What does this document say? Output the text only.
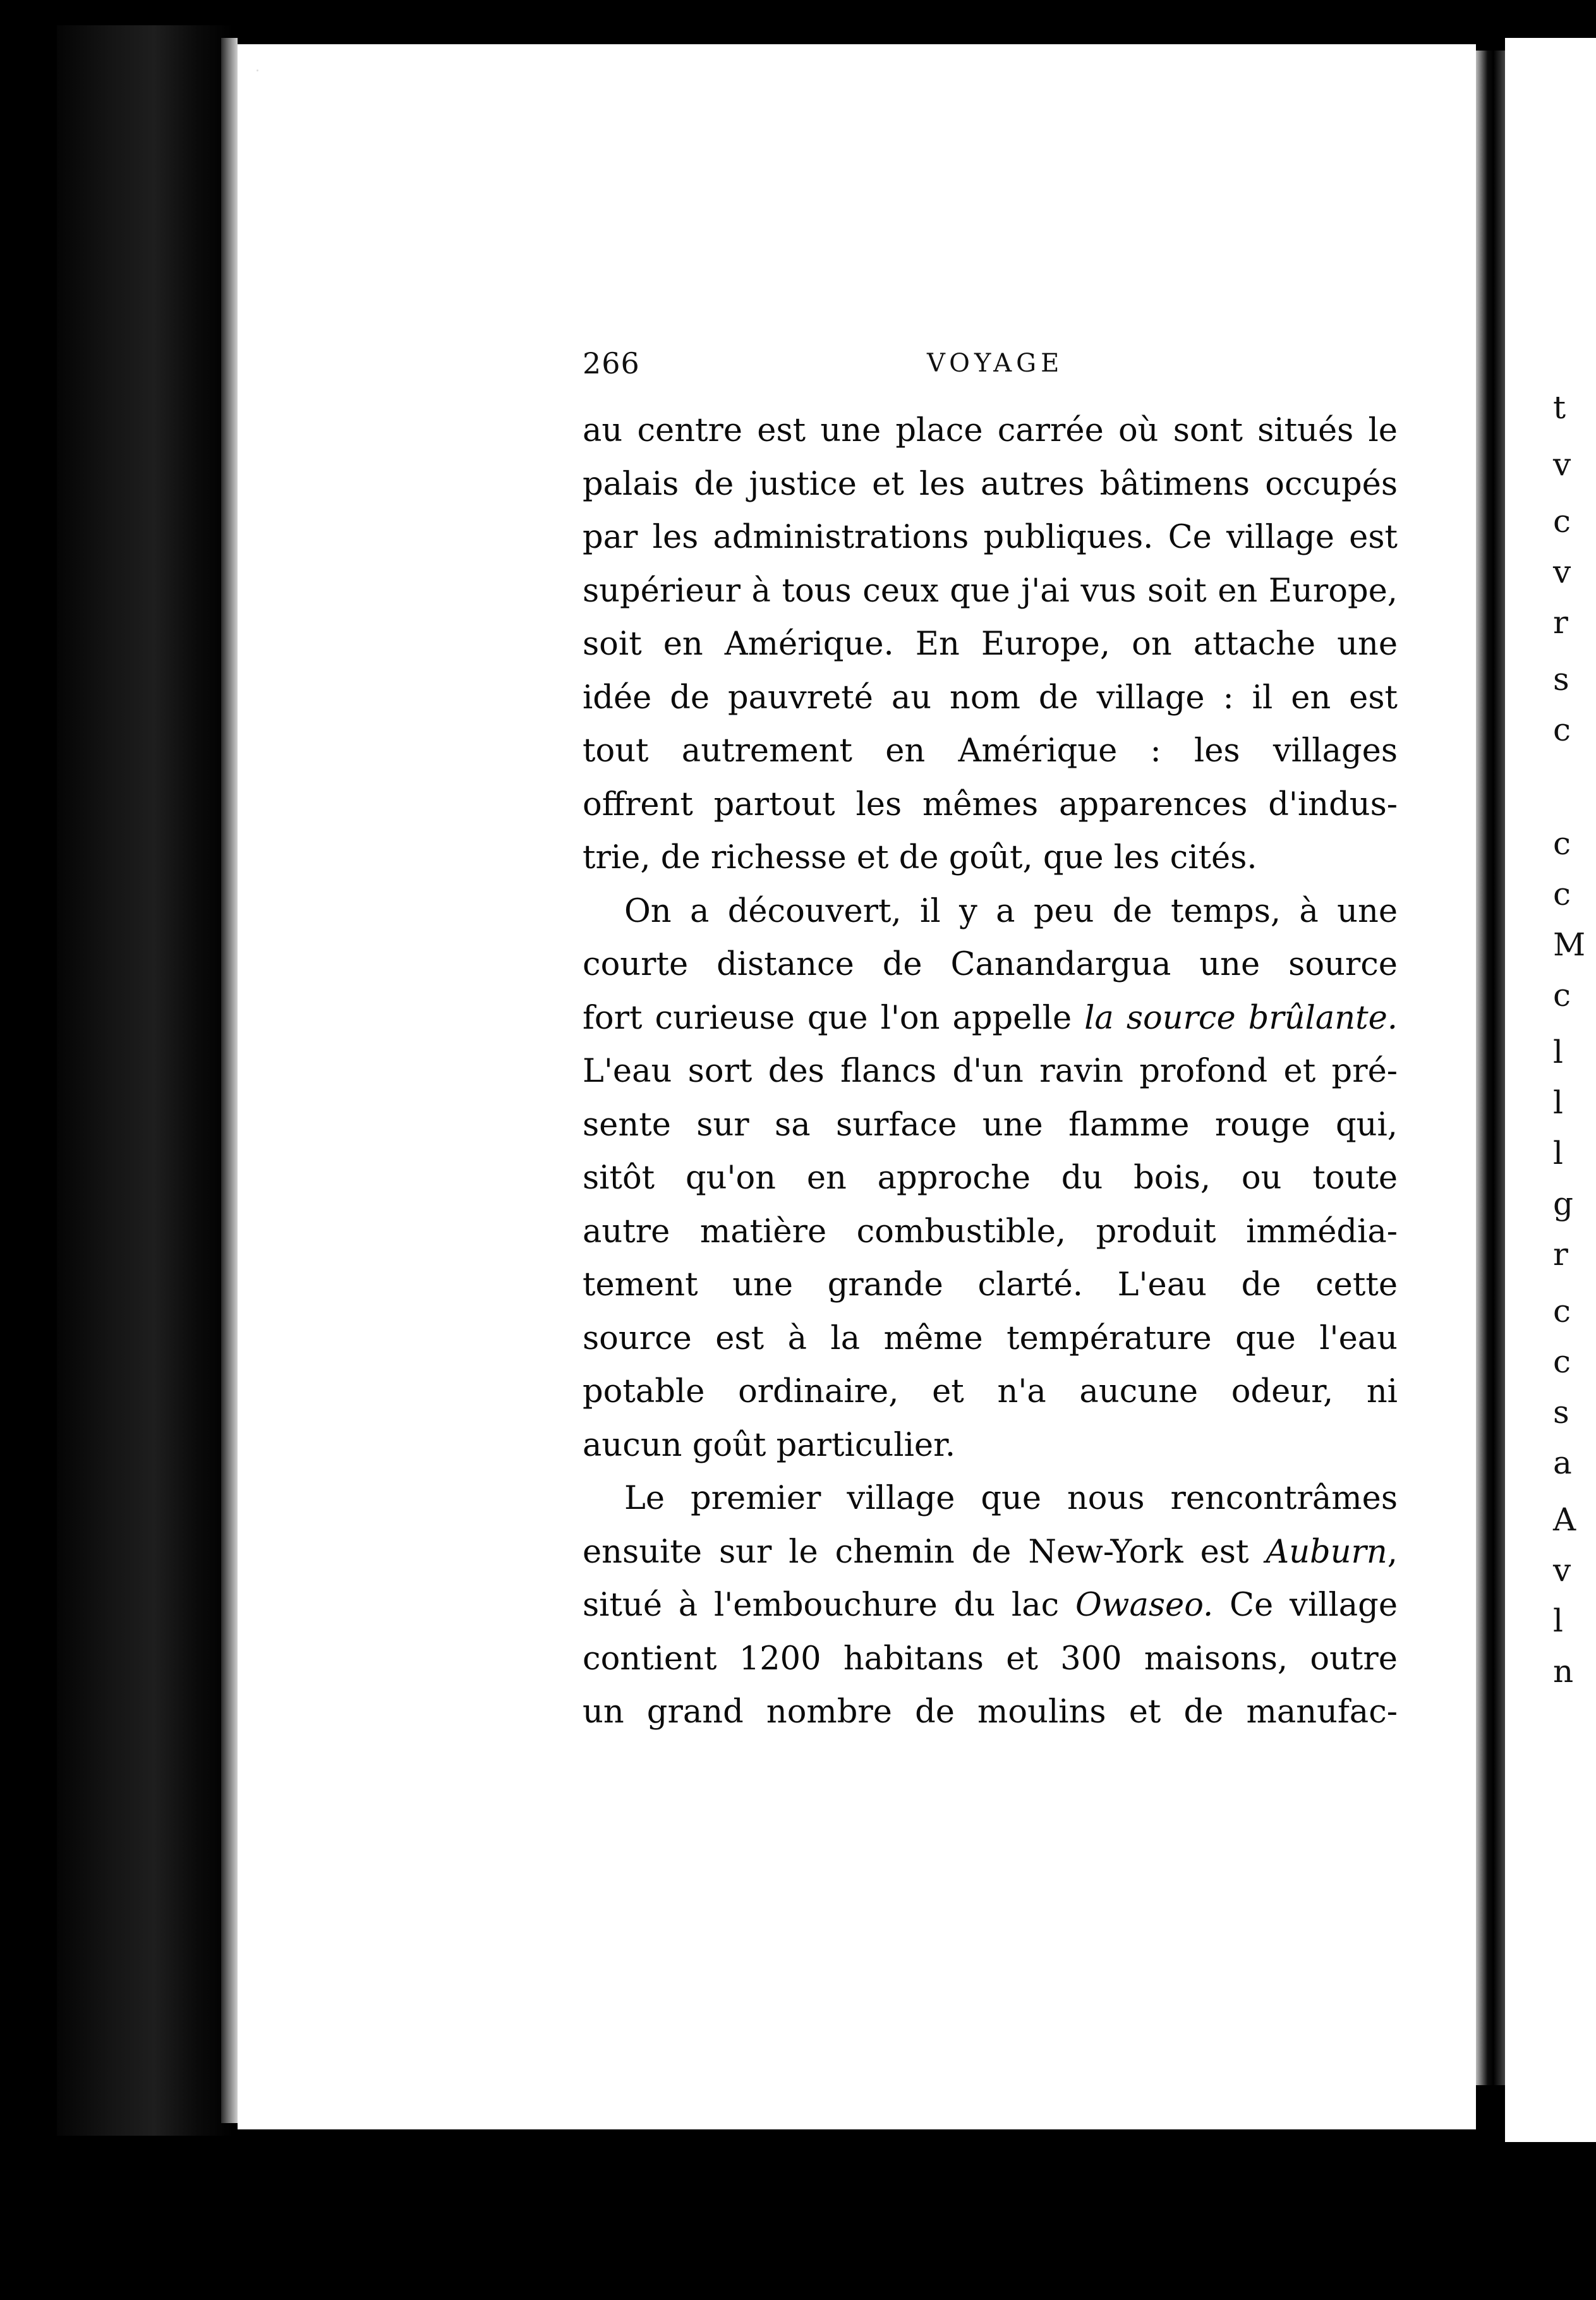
266	VOYAGE
au centre est une place carrée où sont situés le
palais de justice et les autres bâtimens occupés
par les administrations publiques. Ce village est
supérieur à tous ceux que j'ai vus soit en Europe,
soit en Amérique. En Europe, on attache une
idée de pauvreté au nom de village : il en est
tout autrement en Amérique : les villages
offrent partout les mêmes apparences d'indus-
trie, de richesse et de goût, que les cités.
On a découvert, il y a peu de temps, à une
courte distance de Canandargua une source
fort curieuse que l'on appelle la source brûlante.
L'eau sort des flancs d'un ravin profond et pré-
sente sur sa surface une flamme rouge qui,
sitôt qu'on en approche du bois, ou toute
autre matière combustible, produit immédia-
tement une grande clarté. L'eau de cette
source est à la même température que l'eau
potable ordinaire, et n'a aucune odeur, ni
aucun goût particulier.
Le premier village que nous rencontrâmes
ensuite sur le chemin de New-York est Auburn,
situé à l'embouchure du lac Owaseo. Ce village
contient 1200 habitans et 300 maisons, outre
un grand nombre de moulins et de manufac-
t
v
c
v
r
s
c
c
c
M
c
l
l
l
g
r
c
c
s
a
A
v
l
n
